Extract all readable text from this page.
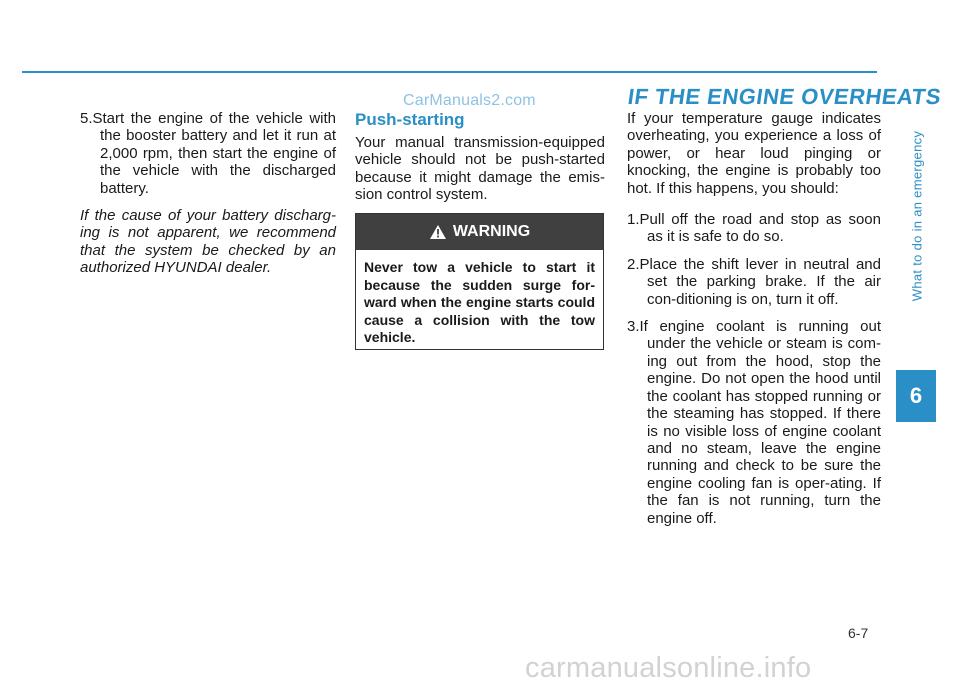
CarManuals2.com

5.Start the engine of the vehicle with the booster battery and let it run at 2,000 rpm, then start the engine of the vehicle with the discharged battery.

If the cause of your battery discharg-ing is not apparent, we recommend that the system be checked by an authorized HYUNDAI dealer.

Push-starting

Your manual transmission-equipped vehicle should not be push-started because it might damage the emis-sion control system.

WARNING
Never tow a vehicle to start it because the sudden surge for-ward when the engine starts could cause a collision with the tow vehicle.
IF THE ENGINE OVERHEATS

If your temperature gauge indicates overheating, you experience a loss of power, or hear loud pinging or knocking, the engine is probably too hot. If this happens, you should:

1.Pull off the road and stop as soon as it is safe to do so.

2.Place the shift lever in neutral and set the parking brake. If the air con-ditioning is on, turn it off.

3.If engine coolant is running out under the vehicle or steam is com-ing out from the hood, stop the engine. Do not open the hood until the coolant has stopped running or the steaming has stopped. If there is no visible loss of engine coolant and no steam, leave the engine running and check to be sure the engine cooling fan is oper-ating. If the fan is not running, turn the engine off.

What to do in an emergency
6
6-7
carmanualsonline.info
